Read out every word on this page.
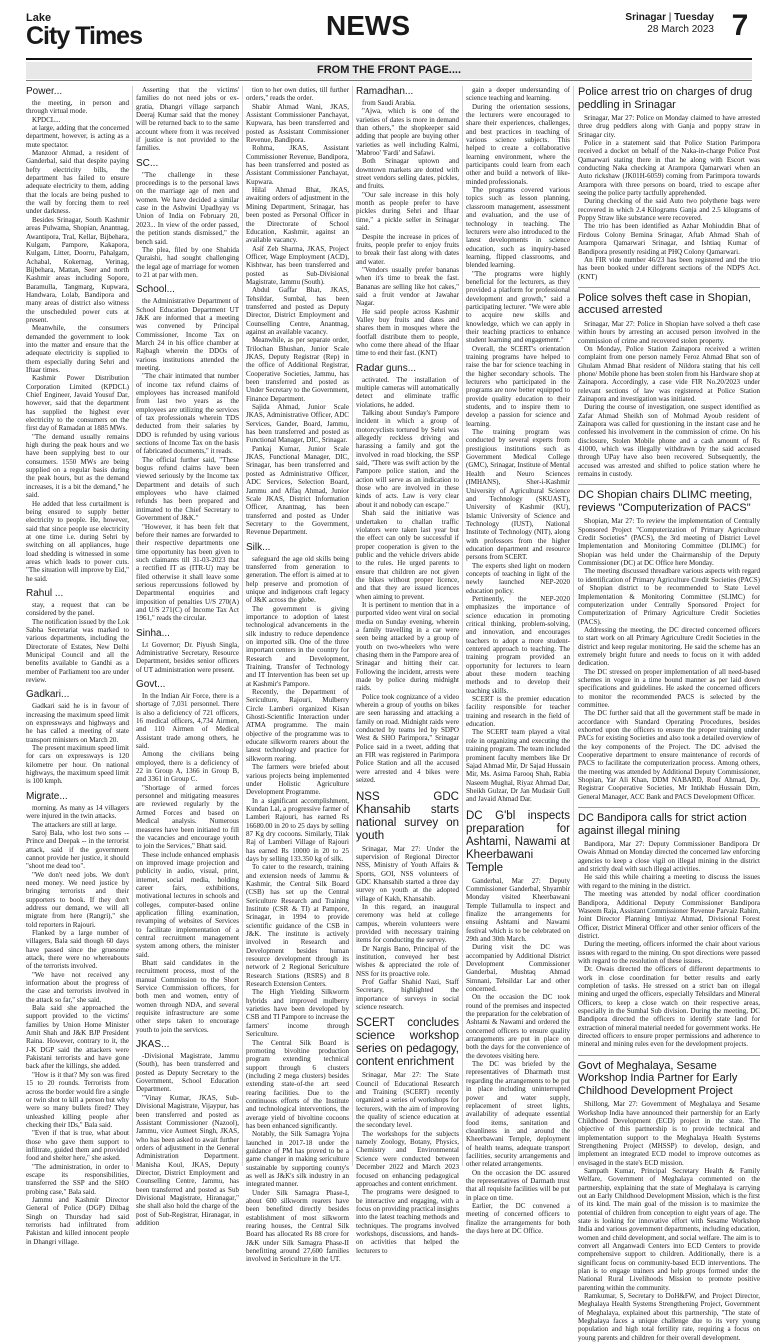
Lake
City Times	NEWS	Srinagar | Tuesday
28 March 2023 7
FROM THE FRONT PAGE....
Power...

the meeting, in person and through virtual mode.

KPDCL...

at large, adding that the concerned department, however, is acting as a mute spectator.

Manzoor Ahmad, a resident of Ganderbal, said that despite paying hefty electricity bills, the department has failed to ensure adequate electricity to them, adding that the locals are being pushed to the wall by forcing them to reel under darkness.

Besides Srinagar, South Kashmir areas Pulwama, Shopian, Anantnag, Awantipora, Tral, Kellar, Bijbehara, Kulgam, Pampore, Kakapora, Kulgam, Litter, Doorru, Pahalgam, Achabal, Kokernag, Verinag, Bijbehara, Mattan, Seer and north Kashmir areas including Sopore, Baramulla, Tangmarg, Kupwara, Handwara, Lolab, Bandipora and many areas of district also witness the unscheduled power cuts at present.

Meanwhile, the consumers demanded the government to look into the matter and ensure that the adequate electricity is supplied to them especially during Sehri and Iftaar times.

Kashmir Power Distribution Corporation Limited (KPDCL) Chief Engineer, Javaid Yousuf Dar, however, said that the department has supplied the highest ever electricity to the consumers on the first day of Ramadan at 1885 MWs.

"The demand usually remains high during the peak hours and we have been supplying best to our consumers. 1550 MWs are being supplied on a regular basis during the peak hours, but as the demand increases, it is a bit the demand," he said.

He added that less curtailment is being ensured to supply better electricity to people. He, however, said that since people use electricity at one time i.e. during Sehri by switching on all appliances, huge load shedding is witnessed in some areas which leads to power cuts. "The situation will improve by Eid," he said.

Rahul ...

stay, a request that can be considered by the panel.

The notification issued by the Lok Sabha Secretariat was marked to various departments, including the Directorate of Estates, New Delhi Municipal Council and all the benefits available to Gandhi as a member of Parliament too are under review.

Gadkari...

Gadkari said he is in favour of increasing the maximum speed limit on expressways and highways and he has called a meeting of state transport ministers on March 20.

The present maximum speed limit for cars on expressways is 120 kilometre per hour. On national highways, the maximum speed limit is 100 kmph.

Migrate...

morning. As many as 14 villagers were injured in the twin attacks.

The attackers are still at large.

Saroj Bala, who lost two sons -- Prince and Deepak -- in the terrorist attack, said if the government cannot provide her justice, it should "shoot me dead too".

"We don't need jobs. We don't need money. We need justice by bringing terrorists and their supporters to book. If they don't address our demand, we will all migrate from here (Rangri)," she told reporters in Rajouri.

Flanked by a large number of villagers, Bala said though 60 days have passed since the gruesome attack, there were no whereabouts of the terrorists involved.

"We have not received any information about the progress of the case and terrorists involved in the attack so far," she said.

Bala said she approached the support provided to the victims' families by Union Home Minister Amit Shah and J&K BJP President Raina. However, contrary to it, the J-K DGP said the attackers were Pakistani terrorists and have gone back after the killings, she added.

"How is it that? My son was fired 15 to 20 rounds. Terrorists from across the border would fire a single or twin shot to kill a person but why were so many bullets fired? They unleashed killing people after checking their IDs," Bala said.

"Even if that is true, what about those who gave them support to infiltrate, guided them and provided food and shelter here," she asked.

"The administration, in order to escape its responsibilities, transferred the SSP and the SHO probing case," Bala said.

Jammu and Kashmir Director General of Police (DGP) Dilbag Singh on Thursday had said terrorists had infiltrated from Pakistan and killed innocent people in Dhangri village.

Asserting that the victims' families do not need jobs or ex-gratia, Dhangri village sarpanch Deeraj Kumar said that the money will be returned back to to the same account where from it was received if justice is not provided to the families.

SC...

"The challenge in these proceedings is to the personal laws on the marriage age of men and women. We have decided a similar case in the Ashwini Upadhyay vs Union of India on February 20, 2023... In view of the order passed, the petition stands dismissed," the bench said.

The plea, filed by one Shahida Quraishi, had sought challenging the legal age of marriage for women to 21 at par with men.

School...

the Administrative Department of School Education Department UT J&K are informed that a meeting was convened by Principal Commissioner, Income Tax on March 24 in his office chamber at Rajbagh wherein the DDOs of various institutions attended the meeting.

"The chair intimated that number of income tax refund claims of employees has increased manifold from last two years as the employees are utilizing the services of tax professionals wherein TDS deducted from their salaries by DDO is refunded by using various sections of Income Tax on the basis of fabricated documents," it reads.

The official further said, "These bogus refund claims have been viewed seriously by the Income tax Department and details of such employees who have claimed refunds has been prepared and intimated to the Chief Secretary to Government of J&K."

"However, it has been felt that before their names are forwarded to their respective departments one time opportunity has been given to such claimants till 31-03-2023 that a rectified IT as (ITR-U) may be filed otherwise it shall leave some serious repercussions followed by Departmental enquiries and imposition of penalties U/S 270(A) and U/S 271(C) of Income Tax Act 1961," reads the circular.

Sinha...

Lt Governor; Dr. Piyush Singla, Administrative Secretary, Resource Department, besides senior officers of UT administration were present.

Govt...

In the Indian Air Force, there is a shortage of 7,031 personnel. There is also a deficiency of 721 officers, 16 medical officers, 4,734 Airmen, and 110 Airmen of Medical Assistant trade among others, he said.

Among the civilians being employed, there is a deficiency of 22 in Group A, 1366 in Group B, and 3361 in Group C.

"Shortage of armed forces personnel and mitigating measures are reviewed regularly by the Armed Forces and based on Medical analysis. Numerous measures have been initiated to fill the vacancies and encourage youth to join the Services," Bhatt said.

These include enhanced emphasis on improved image projection and publicity in audio, visual, print, internet, social media, holding career fairs, exhibitions, motivational lectures in schools and colleges, computer-based online application filling examination, revamping of websites of Services to facilitate implementation of a central recruitment management system among others, the minister said.

Bhatt said candidates in the recruitment process, most of the manual Commission to the Short Service Commission officers, for both men and women, entry of women through NDA, and several requisite infrastructure are some other steps taken to encourage youth to join the services.

JKAS...

-Divisional Magistrate, Jammu (South), has been transferred and posted as Deputy Secretary to the Government, School Education Department.

"Vinay Kumar, JKAS, Sub-Divisional Magistrate, Vijaypur, has been transferred and posted as Assistant Commissioner (Nazool), Jammu, vice Aumeet Singh, JKAS, who has been asked to await further orders of adjustment in the General Administration Department. Manisha Koul, JKAS, Deputy Director, District Employment and Counselling Centre, Jammu, has been transferred and posted as Sub Divisional Magistrate, Hiranagar," she shall also hold the charge of the post of Sub-Registrar, Hiranagar, in addition

tion to her own duties, till further orders," reads the order.

Shabir Ahmad Wani, JKAS, Assistant Commissioner Panchayat, Kupwara, has been transferred and posted as Assistant Commissioner Revenue, Bandipora.

Rohma, JKAS, Assistant Commissioner Revenue, Bandipora, has been transferred and posted as Assistant Commissioner Panchayat, Kupwara.

Hilal Ahmad Bhat, JKAS, awaiting orders of adjustment in the Mining Department, Srinagar, has been posted as Personal Officer in the Directorate of School Education, Kashmir, against an available vacancy.

Asif Zeb Sharma, JKAS, Project Officer, Wage Employment (ACD), Kishtwar, has been transferred and posted as Sub-Divisional Magistrate, Jammu (South).

Abdul Gaffar Bhat, JKAS, Tehsildar, Sumbal, has been transferred and posted as Deputy Director, District Employment and Counselling Centre, Anantnag, against an available vacancy.

Meanwhile, as per separate order, Trilochan Bhushan, Junior Scale JKAS, Deputy Registrar (Rep) in the office of Additional Registrar, Cooperative Societies, Jammu, has been transferred and posted as Under Secretary to the Government, Finance Department.

Sajida Ahmad, Junior Scale JKAS, Administrative Officer, ADC Services, Gander, Board, Jammu, has been transferred and posted as Functional Manager, DIC, Srinagar.

Pankaj Kumar, Junior Scale JKAS, Functional Manager, DIC, Srinagar, has been transferred and posted as Administrative Officer, ADC Services, Selection Board, Jammu and Affaq Ahmad, Junior Scale JKAS, District Information Officer, Anantnag, has been transferred and posted as Under Secretary to the Government, Revenue Department.

Silk...

safeguard the age old skills being transferred from generation to generation. The effort is aimed at to help preserve and promotion of unique and indigenous craft legacy of J&K across the globe.

The government is giving importance to adoption of latest technological advancements in the silk industry to reduce dependence on imported silk. One of the three important centers in the country for Research and Development, Training, Transfer of Technology and IT Intervention has been set up at Kashmir's Pampore.

Recently, the Department of Sericulture, Rajouri, Mulberry Circle Lamberi organized Kisan Ghosti-Scientific Interaction under ATMA programme. The main objective of the programme was to educate silkworm rearers about the latest technology and practice for silkworm rearing.

The farmers were briefed about various projects being implemented under Holistic Agriculture Development Programme.

In a significant accomplishment, Kundan Lal, a progressive farmer of Lamberi Rajouri, has earned Rs 16680.00 in 20 to 25 days by selling 87 Kg dry cocoons. Similarly, Tilak Raj of Lamberi Village of Rajouri has earned Rs 10000 in 20 to 25 days by selling 133.350 kg of silk.

To cater to the research, training and extension needs of Jammu & Kashmir, the Central Silk Board (CSB) has set up the Central Sericulture Research and Training Institute (CSR & TI) at Pampore, Srinagar, in 1994 to provide scientific guidance of the CSB in J&K. The institute is actively involved in Research and Development besides human resource development through its network of 2 Regional Sericulture Research Stations (RSRS) and 8 Research Extension Centers.

The High Yielding Silkworm hybrids and improved mulberry varieties have been developed by CSB and TI Pampore to increase the farmers' income through Sericulture.

The Central Silk Board is promoting bivoltine production program extending technical support through 6 clusters (including 2 mega clusters) besides extending state-of-the art seed rearing facilities. Due to the continuous efforts of the Institute and technological interventions, the average yield of bivoltine cocoons has been enhanced significantly.

Notably, the Silk Samagra Yojna launched in 2017-18 under the guidance of PM has proved to be a game changer in making sericulture sustainable by supporting county's as well as J&K's silk industry in an integrated manner.

Under Silk Samagra Phase-I, about 600 silkworm rearers have been benefited directly besides establishment of most silkworm rearing houses, the Central Silk Board has allocated Rs 88 crore for J&K under Silk Samagra Phase-II benefitting around 27,600 families involved in Sericulture in the UT.

Ramadhan...

from Saudi Arabia.

"Ajwa, which is one of the varieties of dates is more in demand than others," the shopkeeper said adding that people are buying other varieties as well including Kalmi, 'Mabroo' 'Fardi' and Safawi.

Both Srinagar uptown and downtown markets are dotted with street vendors selling dates, pickles, and fruits.

"Our sale increase in this holy month as people prefer to have pickles during Sehri and Iftaar time," a pickle seller in Srinagar said.

Despite the increase in prices of fruits, people prefer to enjoy fruits to break their fast along with dates and water.

"Vendors usually prefer bananas when it's time to break the fast. Bananas are selling like hot cakes," said a fruit vendor at Jawahar Nagar.

He said people across Kashmir Valley buy fruits and dates and shares them in mosques where the footfall distribute them to people, who come there ahead of the Iftaar time to end their fast. (KNT)

Radar guns...

activated. The installation of multiple cameras will automatically detect and eliminate traffic violations, he added.

Talking about Sunday's Pampore incident in which a group of motorcyclists tortured by Sehri was allegedly reckless driving and harassing a family and got the involved in road blocking, the SSP said, "There was swift action by the Pampore police station, and the action will serve as an indication to those who are involved in these kinds of acts. Law is very clear about it and nobody can escape."

Shah said the initiative was undertaken to challan traffic violators were taken last year but the effect can only be successful if proper cooperation is given to the public and the vehicle drivers abide to the rules. He urged parents to ensure that children are not given the bikes without proper licence, and that they are issued licences when aiming to prevent.

It is pertinent to mention that in a purported video went viral on social media on Sunday evening, wherein a family travelling in a car were seen being attacked by a group of youth on two-wheelers who were chasing them in the Pampore area of Srinagar and hitting their car. Following the incident, arrests were made by police during midnight raids.

Police took cognizance of a video wherein a group of youths on bikes are seen harassing and attacking a family on road. Midnight raids were conducted by teams led by SDPO West & SHO Parimpora," Srinagar Police said in a tweet, adding that an FIR was registered in Parimpora Police Station and all the accused were arrested and 4 bikes were seized.

NSS GDC Khansahib starts national survey on youth

Srinagar, Mar 27: Under the supervision of Regional Director NSS, Ministry of Youth Affairs & Sports, GOI, NSS volunteers of GDC Khansahib started a three day survey on youth at the adopted village of Kakh, Khansahib.

In this regard, an inaugural ceremony was held at college campus, wherein volunteers were provided with necessary training items for conducting the survey.

Dr Nargis Bano, Principal of the institution, conveyed her best wishes & appreciated the role of NSS for its proactive role.

Prof Gaffar Shahid Nazi, Staff Secretary, highlighted the importance of surveys in social science research.

SCERT concludes science workshop series on pedagogy, content enrichment

Srinagar, Mar 27: The State Council of Educational Research and Training (SCERT) recently organized a series of workshops for lecturers, with the aim of improving the quality of science education at the secondary level.

The workshops for the subjects namely Zoology, Botany, Physics, Chemistry and Environmental Science were conducted between December 2022 and March 2023 focused on enhancing pedagogical approaches and content enrichment.

The programs were designed to be interactive and engaging, with a focus on providing practical insights into the latest teaching methods and techniques. The programs involved workshops, discussions, and hands-on activities that helped the lecturers to

gain a deeper understanding of science teaching and learning.

During the orientation sessions, the lecturers were encouraged to share their experiences, challenges, and best practices in teaching of various science subjects. This helped to create a collaborative learning environment, where the participants could learn from each other and build a network of like-minded professionals.

The programs covered various topics such as lesson planning, classroom management, assessment and evaluation, and the use of technology in teaching. The lecturers were also introduced to the latest developments in science education, such as inquiry-based learning, flipped classrooms, and blended learning.

"The programs were highly beneficial for the lecturers, as they provided a platform for professional development and growth," said a participating lecturer. "We were able to acquire new skills and knowledge, which we can apply in their teaching practices to enhance student learning and engagement."

Overall, the SCERT's orientation training programs have helped to raise the bar for science teaching in the higher secondary schools. The lecturers who participated in the programs are now better equipped to provide quality education to their students, and to inspire them to develop a passion for science and learning.

The training program was conducted by several experts from prestigious institutions such as Government Medical College (GMC), Srinagar, Institute of Mental Health and Neuro Sciences (IMHANS), Sher-i-Kashmir University of Agricultural Science and Technology (SKUAST), University of Kashmir (KU), Islamic University of Science and Technology (IUST), National Institute of Technology (NIT), along with professors from the higher education department and resource persons from SCERT.

The experts shed light on modern concepts of teaching in light of the newly launched NEP-2020 education policy.

Pertinently, the NEP-2020 emphasizes the importance of science education in promoting critical thinking, problem-solving, and innovation, and encourages teachers to adopt a more student-centered approach to teaching. The training program provided an opportunity for lecturers to learn about these modern teaching methods and to develop their teaching skills.

SCERT is the premier education facility responsible for teacher training and research in the field of education.

The SCERT team played a vital role in organizing and executing the training program. The team included prominent faculty members like Dr Sajad Ahmad Mir, Dr Sajad Hussain Mir, Ms. Asima Farooq Shah, Rabia Naseem Mughal, Riyaz Ahmad Dar, Sheikh Gulzar, Dr Jan Mudasir Gull and Javaid Ahmad Dar.

DC G'bl inspects preparation for Ashtami, Nawami at Kheerbawani Temple

Ganderbal, Mar 27: Deputy Commissioner Ganderbal, Shyambir Monday visited Kheerbawani Temple Tullamulla to inspect and finalize the arrangements for ensuing Ashtami and Nawami festival which is to be celebrated on 29th and 30th March.

During visit the DC was accompanied by Additional District Development Commissioner Ganderbal, Mushtaq Ahmad Simnani, Tehsildar Lar and other concerned.

On the occasion the DC took round of the premises and inspected the preparation for the celebration of Ashtami & Nawami and ordered the concerned officers to ensure quality arrangements are put in place on both the days for the convenience of the devotees visiting here.

The DC was briefed by the representatives of Dharmath trust regarding the arrangements to be put in place including uninterrupted power and water supply, replacement of street lights, availability of adequate essential food items, sanitation and cleanliness in and around the Kheerbawani Temple, deployment of health teams, adequate transport facilities, security arrangements and other related arrangements.

On the occasion the DC assured the representatives of Darmath trust that all requisite facilities will be put in place on time.

Earlier, the DC convened a meeting of concerned officers to finalize the arrangements for both the days here at DC Office.

Police arrest trio on charges of drug peddling in Srinagar

Srinagar, Mar 27: Police on Monday claimed to have arrested three drug peddlers along with Ganja and poppy straw in Srinagar city.

Police in a statement said that Police Station Parimpora received a docket on behalf of the Naka-in-charge Police Post Qamarwari stating there in that he along with Escort was conducting Naka checking at Arampora Qamarwari when an Auto rickshaw (JK01H-6059) coming from Parimpora towards Arampora with three persons on board, tried to escape after seeing the police party tactfully apprehended.

During checking of the said Auto two polythene bags were recovered in which 2.4 Kilograms Ganja and 2.5 kilograms of Poppy Straw like substance were recovered.

The trio has been identified as Azhar Mohiuddin Bhat of Firdous Colony Bemina Srinagar, Aftab Ahmad Shah of Arampora Qamarwari Srinagar, and Ishtiaq Kumar of Bandipora presently residing at PHQ Colony Qamarwari.

An FIR vide number 46/23 has been registered and the trio has been booked under different sections of the NDPS Act. (KNT)

Police solves theft case in Shopian, accused arrested

Srinagar, Mar 27: Police in Shopian have solved a theft case within hours by arresting an accused person involved in the commission of crime and recovered stolen property.

On Monday, Police Station Zainapora received a written complaint from one person namely Feroz Ahmad Bhat son of Ghulam Ahmad Bhat resident of Nildora stating that his cell phone/ Mobile phone has been stolen from his Hardware shop at Zainapora. Accordingly, a case vide FIR No.20/2023 under relevant sections of law was registered at Police Station Zainapora and investigation was initiated.

During the course of investigation, one suspect identified as Zafar Ahmad Sheikh son of Mohmad Ayoub resident of Zainapora was called for questioning in the instant case and he confessed his involvement in the commission of crime. On his disclosure, Stolen Mobile phone and a cash amount of Rs 41000, which was illegally withdrawn by the said accused through UPay have also been recovered. Subsequently, the accused was arrested and shifted to police station where he remains in custody.

DC Shopian chairs DLIMC meeting, reviews "Computerization of PACS"

Shopian, Mar 27: To review the implementation of Centrally Sponsored Project "Computerization of Primary Agriculture Credit Societies" (PACS), the 3rd meeting of District Level Implementation and Monitoring Committee (DLIMC) for Shopian was held under the Chairmanship of the Deputy Commissioner (DC) at DC Office here Monday.

The meeting discussed threadbare various aspects with regard to identification of Primary Agriculture Credit Societies (PACS) of Shopian district to be recommended to State Level Implementation & Monitoring Committee (SLIMC) for computerization under Centrally Sponsored Project for Computerization of Primary Agriculture Credit Societies (PACS).

Addressing the meeting, the DC directed concerned officers to start work on all Primary Agriculture Credit Societies in the district and keep regular monitoring. He said the scheme has an extremely bright future and needs to focus on it with added dedication.

The DC stressed on proper implementation of all need-based schemes in vogue in a time bound manner as per laid down specifications and guidelines. He asked the concerned officers to monitor the recommended PACS is selected by the committee.

The DC further said that all the government staff be made in accordance with Standard Operating Procedures, besides exhorted upon the officers to ensure the proper training under PACs for existing Societies and also took a detailed overview of the key components of the Project. The DC advised the Cooperative department to ensure maintenance of records of PACS to facilitate the computerization process. Among others, the meeting was attended by Additional Deputy Commissioner, Shopian, Yar Ali Khan, DDM NABARD, Rouf Ahmad, Dy. Registrar Cooperative Societies, Mr Intikhab Hussain Dim, General Manager, ACC Bank and PACS Development Officer.

DC Bandipora calls for strict action against illegal mining

Bandipora, Mar 27: Deputy Commissioner Bandipora Dr Owais Ahmad on Monday directed the concerned law enforcing agencies to keep a close vigil on illegal mining in the district and strictly deal with such illegal activities.

He said this while chairing a meeting to discuss the issues with regard to the mining in the district.

The meeting was attended by nodal officer coordination Bandipora, Additional Deputy Commissioner Bandipora Waseem Raja, Assistant Commissioner Revenue Parvaiz Rahim, Joint Director Planning Imtiyaz Ahmad, Divisional Forest Officer, District Mineral Officer and other senior officers of the district.

During the meeting, officers informed the chair about various issues with regard to the mining. On spot directions were passed with regard to the resolution of these issues.

Dr. Owais directed the officers of different departments to work in close coordination for better results and early completion of tasks. He stressed on a strict ban on illegal mining and urged the officers, especially Tehsildars and Mineral Officers, to keep a close watch on their respective areas, especially in the Sumbal Sub division. During the meeting, DC Bandipora directed the officers to identify state land for extraction of mineral material needed for government works. He directed officers to ensure proper permissions and adherence to mineral and mining rules even for the development projects.

Govt of Meghalaya, Sesame Workshop India Partner for Early Childhood Development Project

Shillong, Mar 27: Government of Meghalaya and Sesame Workshop India have announced their partnership for an Early Childhood Development (ECD) project in the state. The objective of this partnership is to provide technical and implementation support to the Meghalaya Health Systems Strengthening Project (MHSSP) to develop, design, and implement an integrated ECD model to improve outcomes as envisaged in the state's ECD mission.

Sampath Kumar, Principal Secretary Health & Family Welfare, Government of Meghalaya commented on the partnership, explaining that the state of Meghalaya is carrying out an Early Childhood Development Mission, which is the first of its kind. The main goal of the mission is to maximize the potential of children from conception to eight years of age. The state is looking for innovative effort with Sesame Workshop India and various government departments, including education, women and child development, and social welfare. The aim is to convert all Anganwadi Centers into ECD Centers to provide comprehensive support to children. Additionally, there is a significant focus on community-based ECD interventions. The plan is to engage trainers and help groups formed under the National Rural Livelihoods Mission to promote positive parenting within the community.

Ramkumar, S, Secretary to DoH&FW, and Project Director, Meghalaya Health Systems Strengthening Project, Government of Meghalaya, explained about this partnership, "The state of Meghalaya faces a unique challenge due to its very young population and high total fertility rate, requiring a focus on young parents and children for their overall development.
